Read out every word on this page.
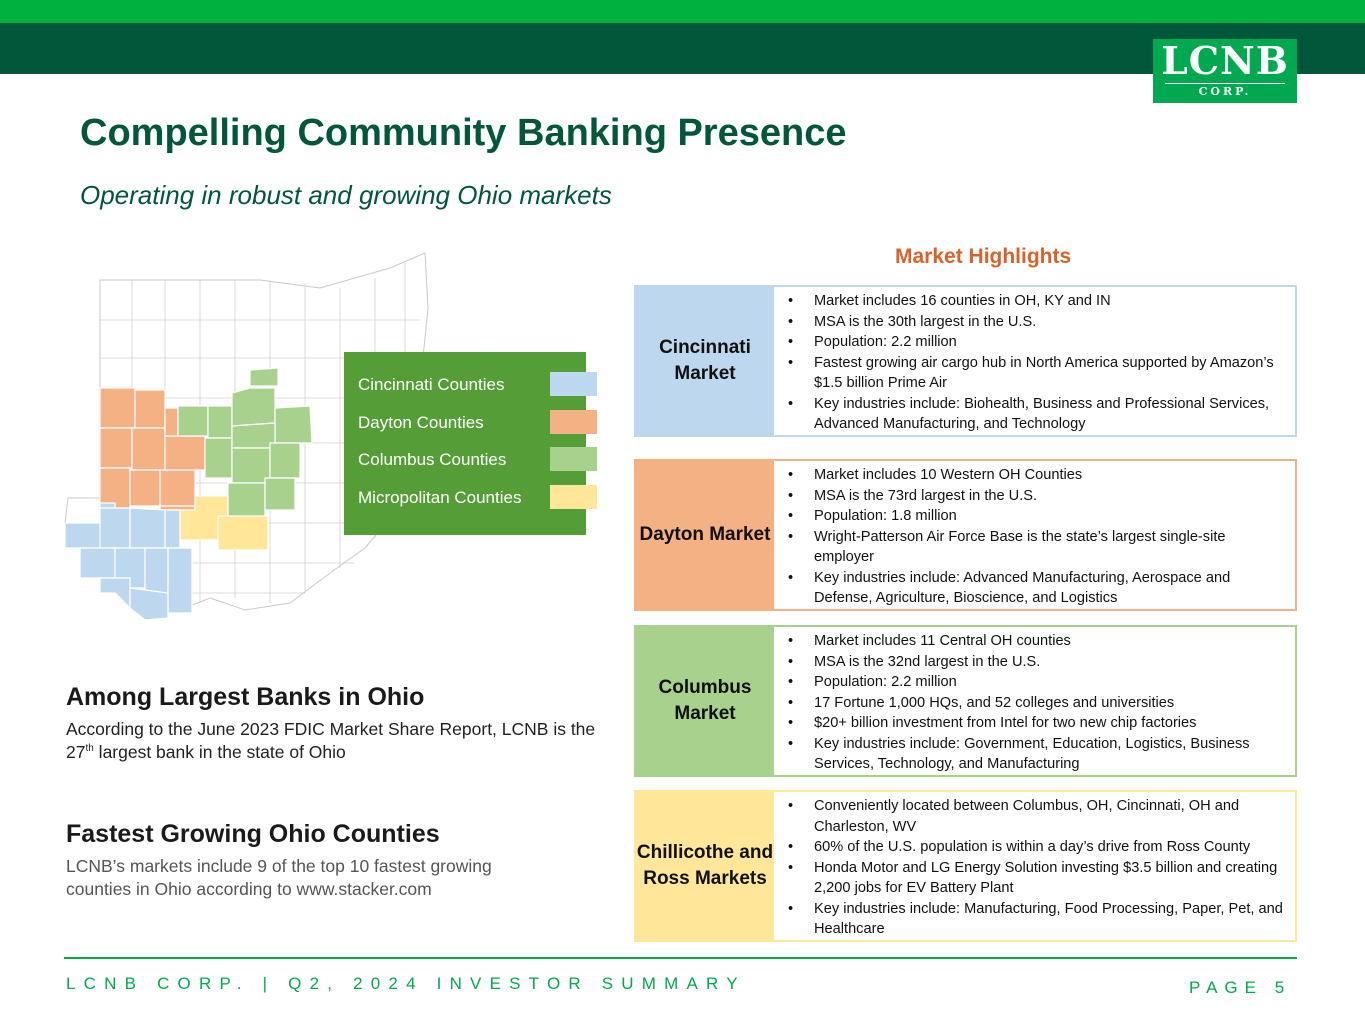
LCNB
CORP.
Compelling Community Banking Presence
Operating in robust and growing Ohio markets
Cincinnati Counties
Dayton Counties
Columbus Counties
Micropolitan Counties
Among Largest Banks in Ohio
According to the June 2023 FDIC Market Share Report, LCNB is the 27th largest bank in the state of Ohio
Fastest Growing Ohio Counties
LCNB’s markets include 9 of the top 10 fastest growing counties in Ohio according to www.stacker.com
Market Highlights
Cincinnati Market
• Market includes 16 counties in OH, KY and IN
• MSA is the 30th largest in the U.S.
• Population: 2.2 million
• Fastest growing air cargo hub in North America supported by Amazon’s $1.5 billion Prime Air
• Key industries include: Biohealth, Business and Professional Services, Advanced Manufacturing, and Technology
Dayton Market
• Market includes 10 Western OH Counties
• MSA is the 73rd largest in the U.S.
• Population: 1.8 million
• Wright-Patterson Air Force Base is the state’s largest single-site employer
• Key industries include: Advanced Manufacturing, Aerospace and Defense, Agriculture, Bioscience, and Logistics
Columbus Market
• Market includes 11 Central OH counties
• MSA is the 32nd largest in the U.S.
• Population: 2.2 million
• 17 Fortune 1,000 HQs, and 52 colleges and universities
• $20+ billion investment from Intel for two new chip factories
• Key industries include: Government, Education, Logistics, Business Services, Technology, and Manufacturing
Chillicothe and Ross Markets
• Conveniently located between Columbus, OH, Cincinnati, OH and Charleston, WV
• 60% of the U.S. population is within a day’s drive from Ross County
• Honda Motor and LG Energy Solution investing $3.5 billion and creating 2,200 jobs for EV Battery Plant
• Key industries include: Manufacturing, Food Processing, Paper, Pet, and Healthcare
LCNB CORP. | Q2, 2024 INVESTOR SUMMARY	PAGE 5
